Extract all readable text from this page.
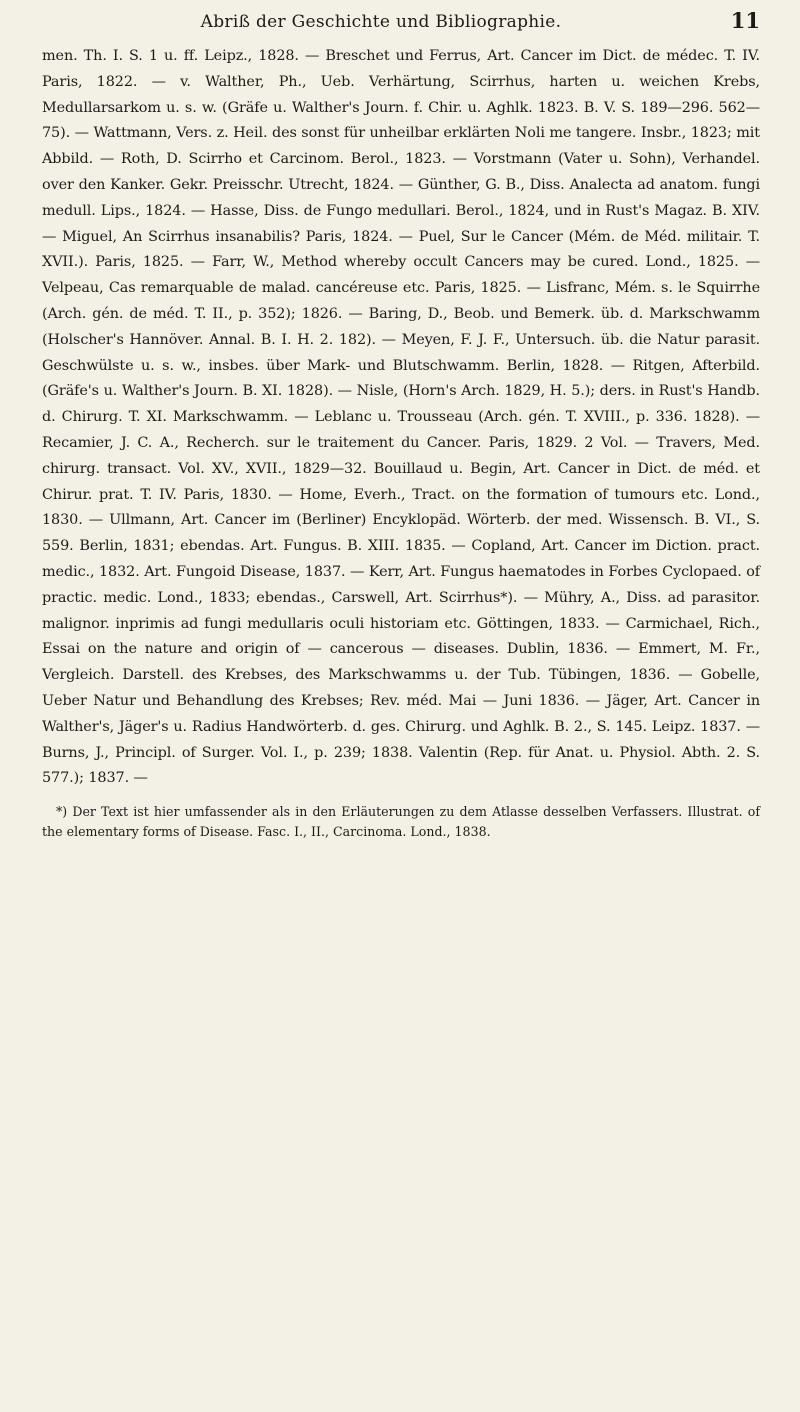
Abriß der Geschichte und Bibliographie.	11

men. Th. I. S. 1 u. ff. Leipz., 1828. — Breschet und Ferrus, Art. Cancer im Dict. de médec. T. IV. Paris, 1822. — v. Walther, Ph., Ueb. Verhärtung, Scirrhus, harten u. weichen Krebs, Medullarsarkom u. s. w. (Gräfe u. Walther's Journ. f. Chir. u. Aghlk. 1823. B. V. S. 189—296. 562—75). — Wattmann, Vers. z. Heil. des sonst für unheilbar erklärten Noli me tangere. Insbr., 1823; mit Abbild. — Roth, D. Scirrho et Carcinom. Berol., 1823. — Vorstmann (Vater u. Sohn), Verhandel. over den Kanker. Gekr. Preisschr. Utrecht, 1824. — Günther, G. B., Diss. Analecta ad anatom. fungi medull. Lips., 1824. — Hasse, Diss. de Fungo medullari. Berol., 1824, und in Rust's Magaz. B. XIV. — Miguel, An Scirrhus insanabilis? Paris, 1824. — Puel, Sur le Cancer (Mém. de Méd. militair. T. XVII.). Paris, 1825. — Farr, W., Method whereby occult Cancers may be cured. Lond., 1825. — Velpeau, Cas remarquable de malad. cancéreuse etc. Paris, 1825. — Lisfranc, Mém. s. le Squirrhe (Arch. gén. de méd. T. II., p. 352); 1826. — Baring, D., Beob. und Bemerk. üb. d. Markschwamm (Holscher's Hannöver. Annal. B. I. H. 2. 182). — Meyen, F. J. F., Untersuch. üb. die Natur parasit. Geschwülste u. s. w., insbes. über Mark- und Blutschwamm. Berlin, 1828. — Ritgen, Afterbild. (Gräfe's u. Walther's Journ. B. XI. 1828). — Nisle, (Horn's Arch. 1829, H. 5.); ders. in Rust's Handb. d. Chirurg. T. XI. Markschwamm. — Leblanc u. Trousseau (Arch. gén. T. XVIII., p. 336. 1828). — Recamier, J. C. A., Recherch. sur le traitement du Cancer. Paris, 1829. 2 Vol. — Travers, Med. chirurg. transact. Vol. XV., XVII., 1829—32. Bouillaud u. Begin, Art. Cancer in Dict. de méd. et Chirur. prat. T. IV. Paris, 1830. — Home, Everh., Tract. on the formation of tumours etc. Lond., 1830. — Ullmann, Art. Cancer im (Berliner) Encyklopäd. Wörterb. der med. Wissensch. B. VI., S. 559. Berlin, 1831; ebendas. Art. Fungus. B. XIII. 1835. — Copland, Art. Cancer im Diction. pract. medic., 1832. Art. Fungoid Disease, 1837. — Kerr, Art. Fungus haematodes in Forbes Cyclopaed. of practic. medic. Lond., 1833; ebendas., Carswell, Art. Scirrhus*). — Mühry, A., Diss. ad parasitor. malignor. inprimis ad fungi medullaris oculi historiam etc. Göttingen, 1833. — Carmichael, Rich., Essai on the nature and origin of — cancerous — diseases. Dublin, 1836. — Emmert, M. Fr., Vergleich. Darstell. des Krebses, des Markschwamms u. der Tub. Tübingen, 1836. — Gobelle, Ueber Natur und Behandlung des Krebses; Rev. méd. Mai — Juni 1836. — Jäger, Art. Cancer in Walther's, Jäger's u. Radius Handwörterb. d. ges. Chirurg. und Aghlk. B. 2., S. 145. Leipz. 1837. — Burns, J., Principl. of Surger. Vol. I., p. 239; 1838. Valentin (Rep. für Anat. u. Physiol. Abth. 2. S. 577.); 1837. —

*) Der Text ist hier umfassender als in den Erläuterungen zu dem Atlasse desselben Verfassers. Illustrat. of the elementary forms of Disease. Fasc. I., II., Carcinoma. Lond., 1838.
